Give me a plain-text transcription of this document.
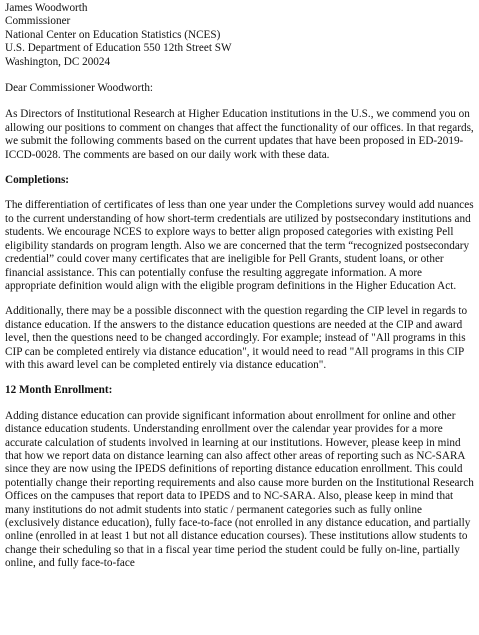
James Woodworth
Commissioner
National Center on Education Statistics (NCES)
U.S. Department of Education 550 12th Street SW
Washington, DC 20024

Dear Commissioner Woodworth:

As Directors of Institutional Research at Higher Education institutions in the U.S., we commend you on allowing our positions to comment on changes that affect the functionality of our offices. In that regards, we submit the following comments based on the current updates that have been proposed in ED-2019-ICCD-0028. The comments are based on our daily work with these data.

Completions:

The differentiation of certificates of less than one year under the Completions survey would add nuances to the current understanding of how short-term credentials are utilized by postsecondary institutions and students. We encourage NCES to explore ways to better align proposed categories with existing Pell eligibility standards on program length. Also we are concerned that the term “recognized postsecondary credential” could cover many certificates that are ineligible for Pell Grants, student loans, or other financial assistance. This can potentially confuse the resulting aggregate information. A more appropriate definition would align with the eligible program definitions in the Higher Education Act.

Additionally, there may be a possible disconnect with the question regarding the CIP level in regards to distance education. If the answers to the distance education questions are needed at the CIP and award level, then the questions need to be changed accordingly. For example; instead of "All programs in this CIP can be completed entirely via distance education", it would need to read "All programs in this CIP with this award level can be completed entirely via distance education".

12 Month Enrollment:

Adding distance education can provide significant information about enrollment for online and other distance education students. Understanding enrollment over the calendar year provides for a more accurate calculation of students involved in learning at our institutions. However, please keep in mind that how we report data on distance learning can also affect other areas of reporting such as NC-SARA since they are now using the IPEDS definitions of reporting distance education enrollment. This could potentially change their reporting requirements and also cause more burden on the Institutional Research Offices on the campuses that report data to IPEDS and to NC-SARA. Also, please keep in mind that many institutions do not admit students into static / permanent categories such as fully online (exclusively distance education), fully face-to-face (not enrolled in any distance education, and partially online (enrolled in at least 1 but not all distance education courses). These institutions allow students to change their scheduling so that in a fiscal year time period the student could be fully on-line, partially online, and fully face-to-face
